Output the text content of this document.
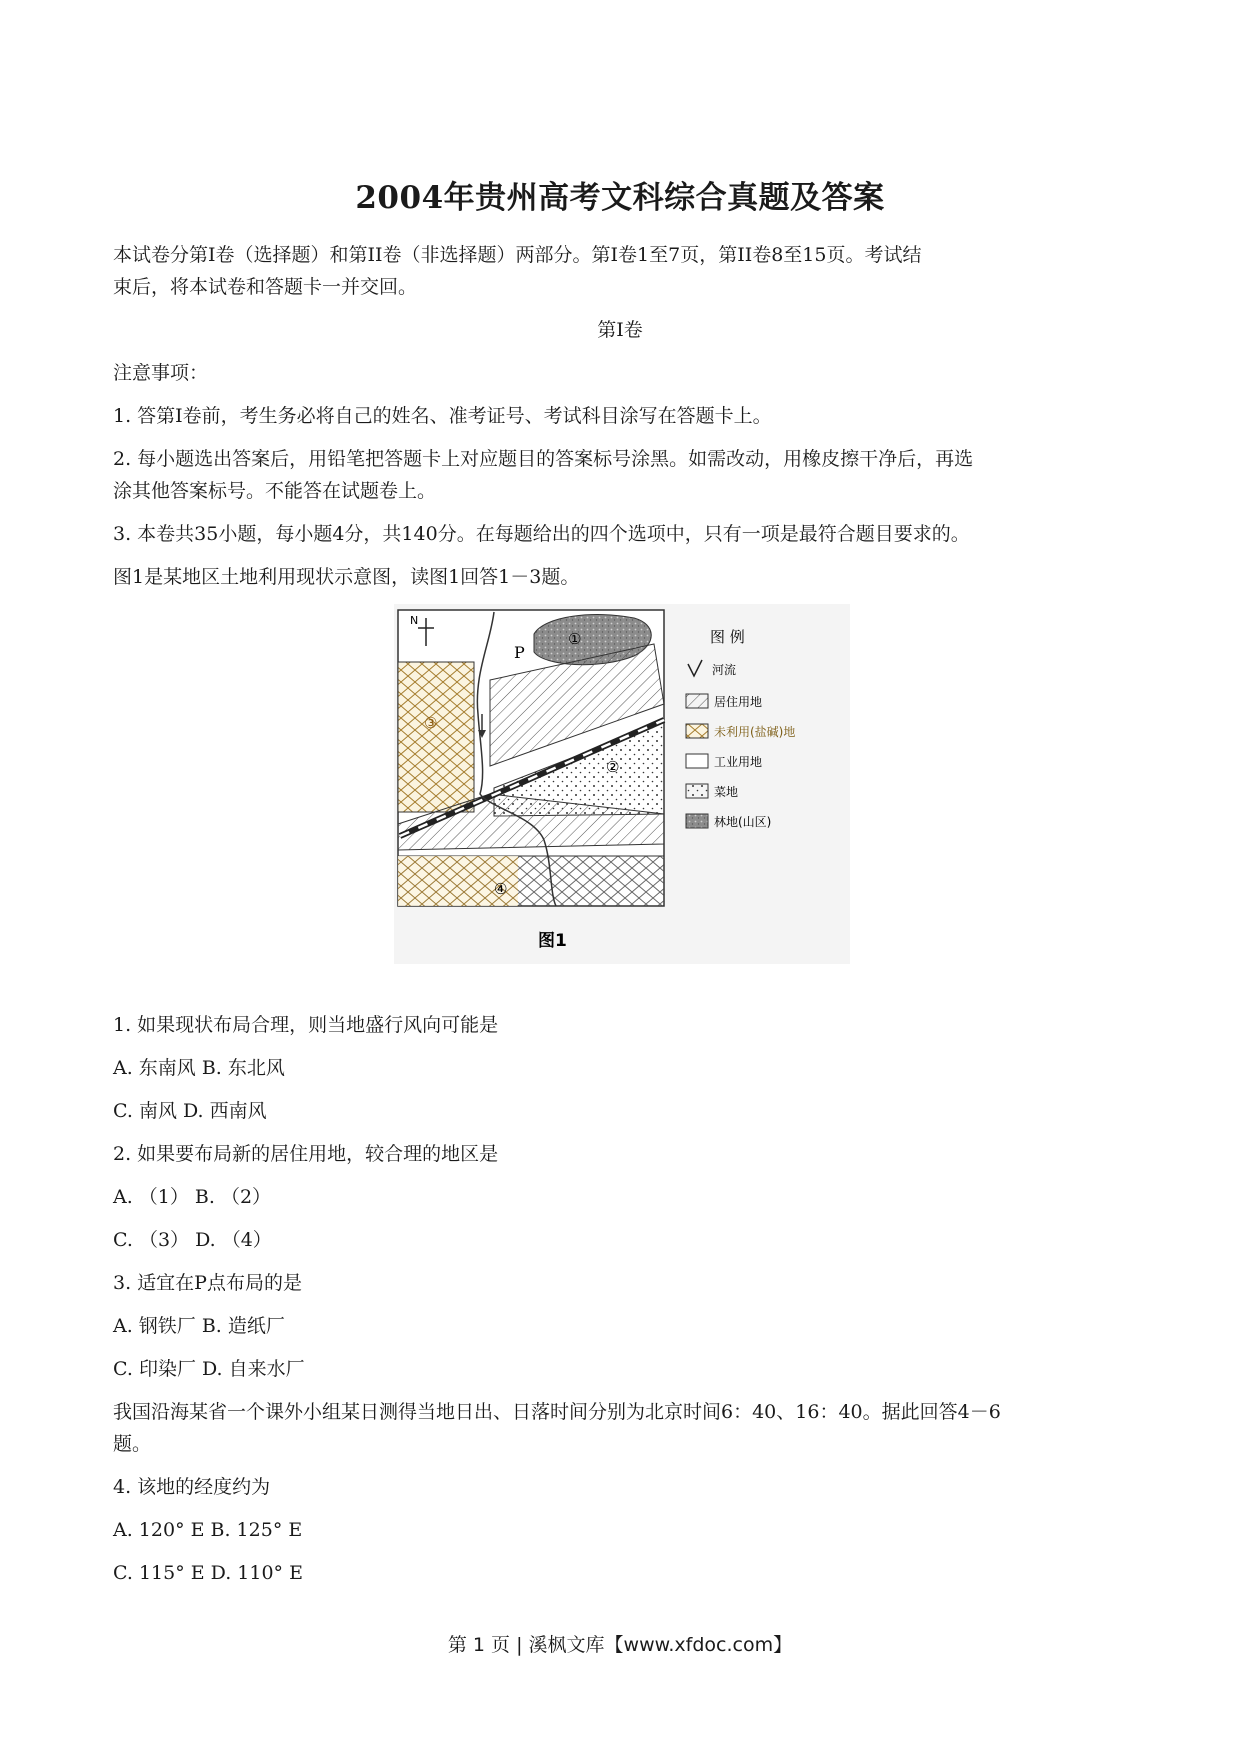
2004年贵州高考文科综合真题及答案
本试卷分第Ⅰ卷（选择题）和第II卷（非选择题）两部分。第Ⅰ卷1至7页，第II卷8至15页。考试结
束后，将本试卷和答题卡一并交回。
第Ⅰ卷
注意事项：
1. 答第Ⅰ卷前，考生务必将自己的姓名、准考证号、考试科目涂写在答题卡上。
2. 每小题选出答案后，用铅笔把答题卡上对应题目的答案标号涂黑。如需改动，用橡皮擦干净后，再选
涂其他答案标号。不能答在试题卷上。
3. 本卷共35小题，每小题4分，共140分。在每题给出的四个选项中，只有一项是最符合题目要求的。
图1是某地区土地利用现状示意图，读图1回答1－3题。
N
P
①
②
③
④
图 例
河流
居住用地
未利用(盐碱)地
工业用地
菜地
林地(山区)
图1
1. 如果现状布局合理，则当地盛行风向可能是
A. 东南风 B. 东北风
C. 南风 D. 西南风
2. 如果要布局新的居住用地，较合理的地区是
A. （1） B. （2）
C. （3） D. （4）
3. 适宜在P点布局的是
A. 钢铁厂 B. 造纸厂
C. 印染厂 D. 自来水厂
我国沿海某省一个课外小组某日测得当地日出、日落时间分别为北京时间6：40、16：40。据此回答4－6
题。
4. 该地的经度约为
A. 120° E B. 125° E
C. 115° E D. 110° E
第 1 页 | 溪枫文库【www.xfdoc.com】
